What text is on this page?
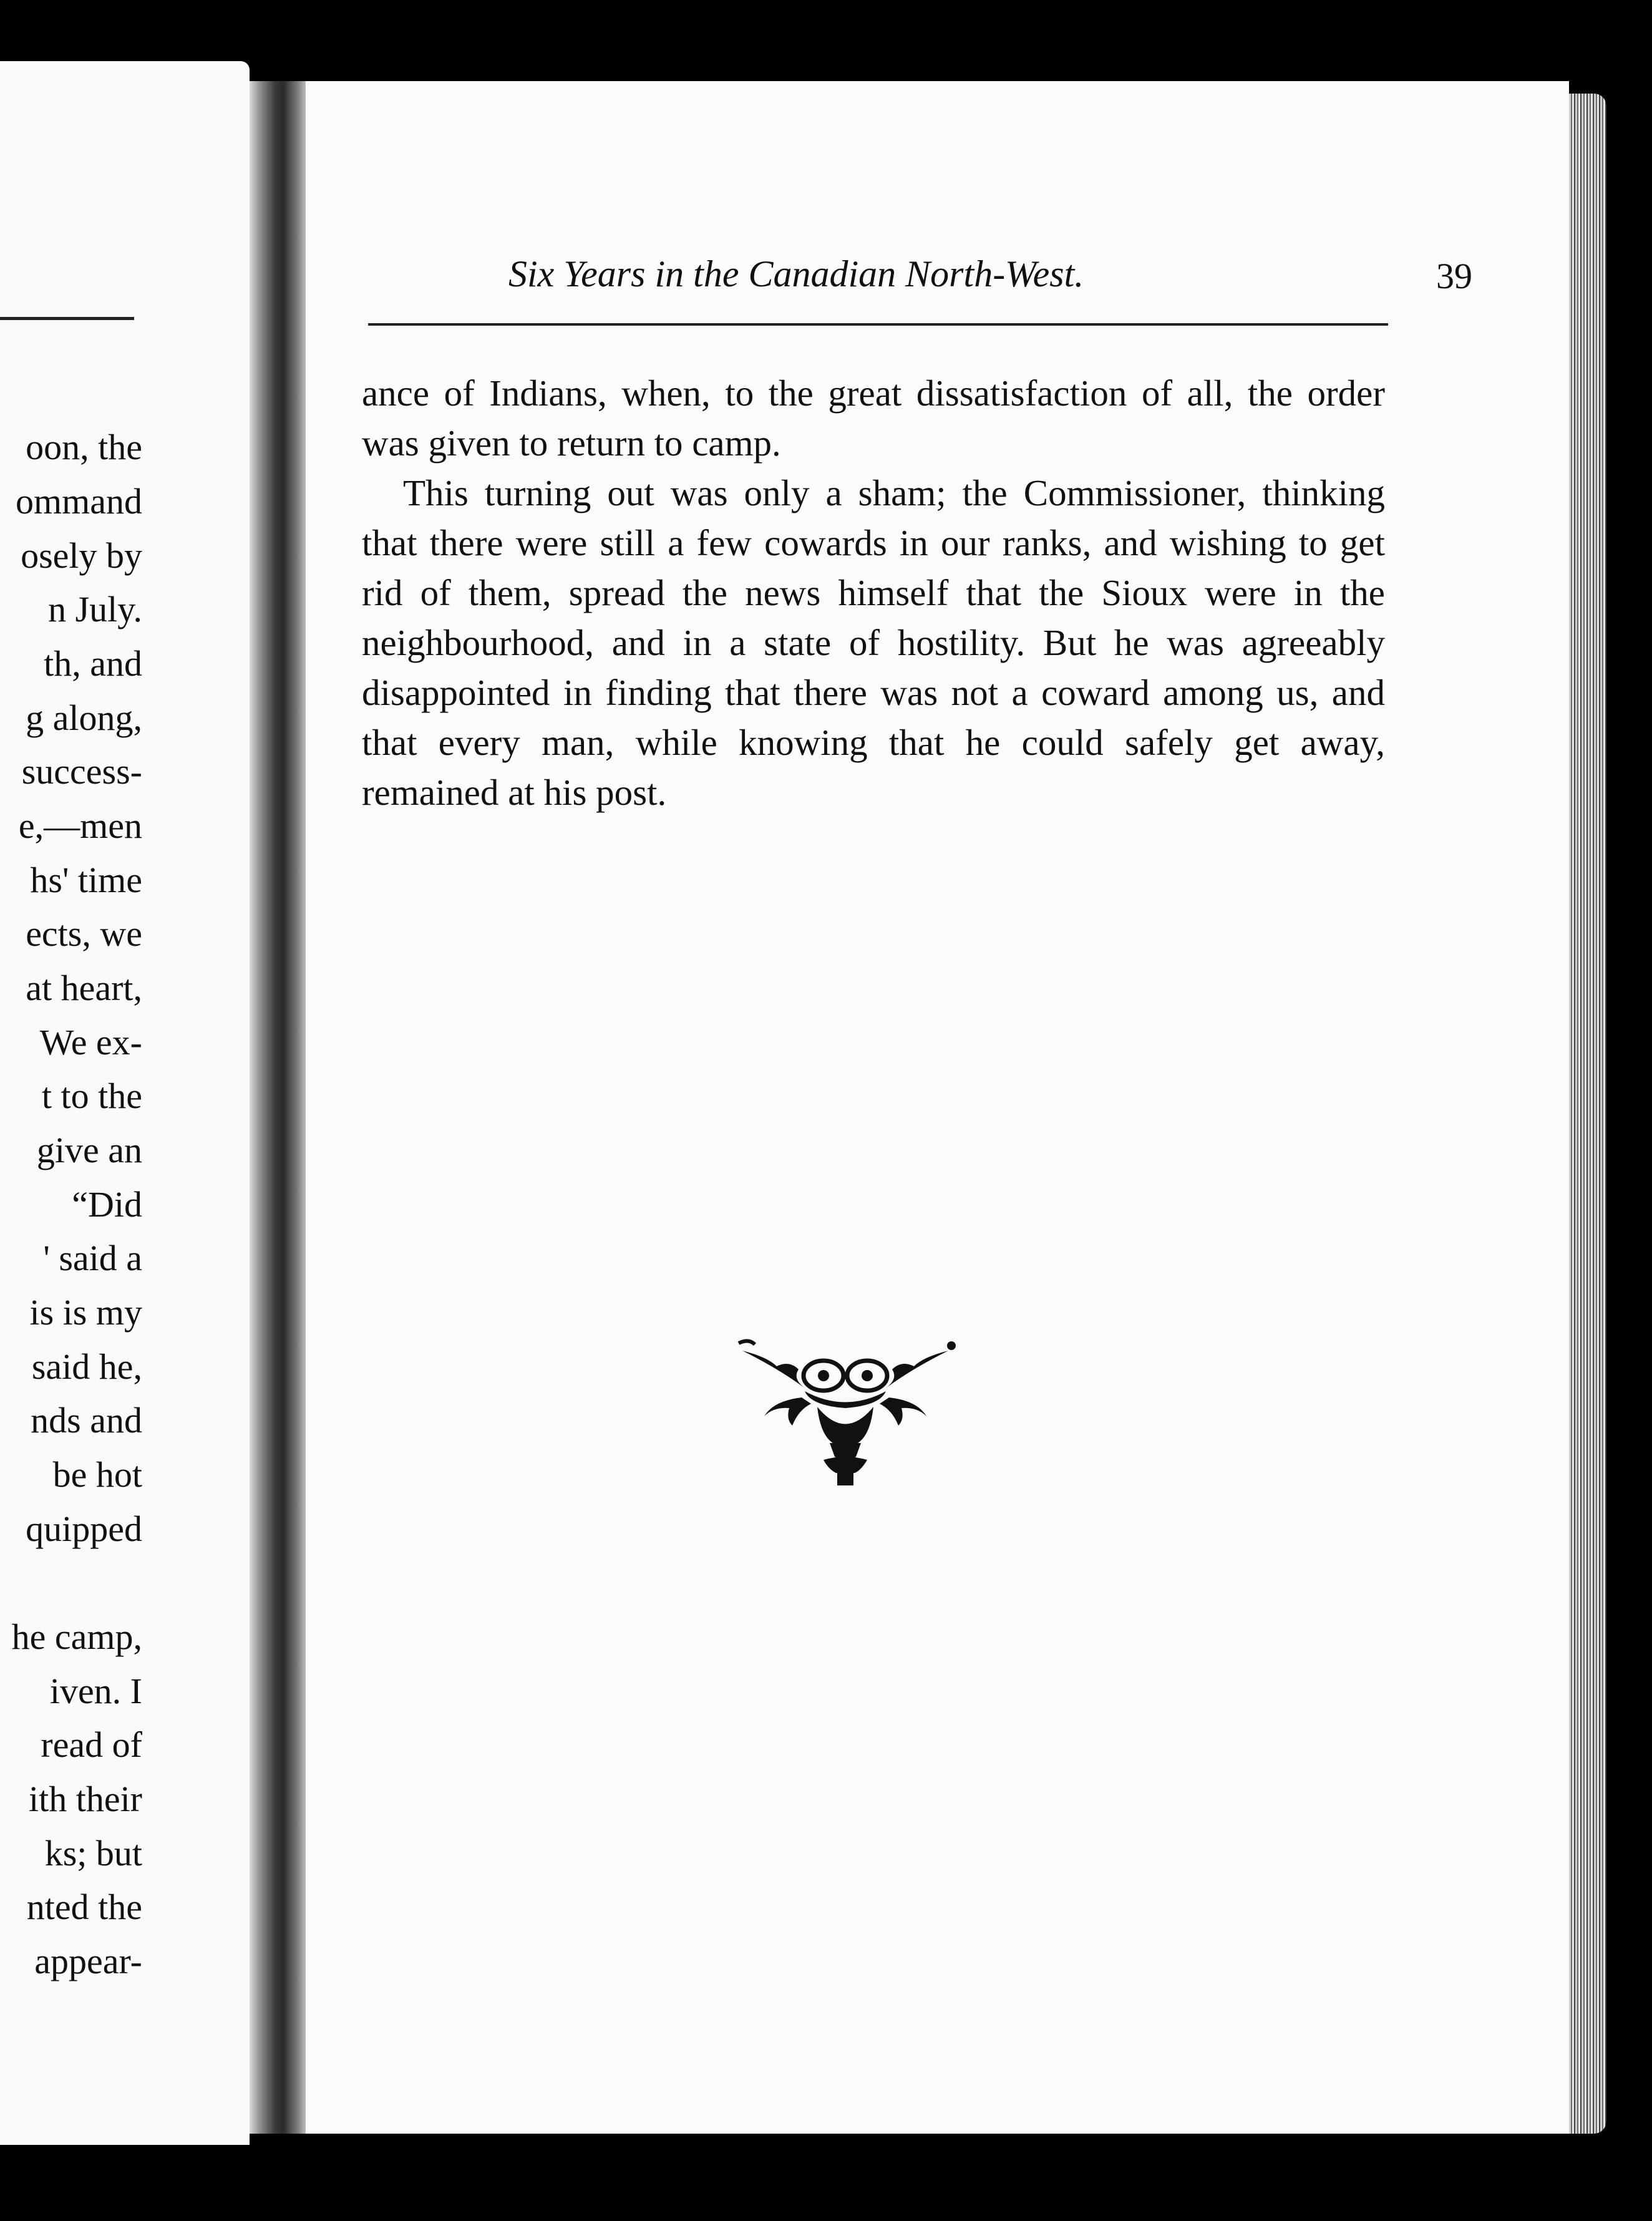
oon, the
ommand
osely by
n July.
th, and
g along,
success-
e,—men
hs' time
ects, we
at heart,
We ex-
t to the
give an
“Did
' said a
is is my
said he,
nds and
be hot
quipped
he camp,
iven. I
read of
ith their
ks; but
nted the
appear-
Six Years in the Canadian North-West.	39

ance of Indians, when, to the great dissatisfaction of all, the order was given to return to camp.

This turning out was only a sham; the Commissioner, thinking that there were still a few cowards in our ranks, and wishing to get rid of them, spread the news himself that the Sioux were in the neighbourhood, and in a state of hostility. But he was agreeably disappointed in finding that there was not a coward among us, and that every man, while knowing that he could safely get away, remained at his post.
